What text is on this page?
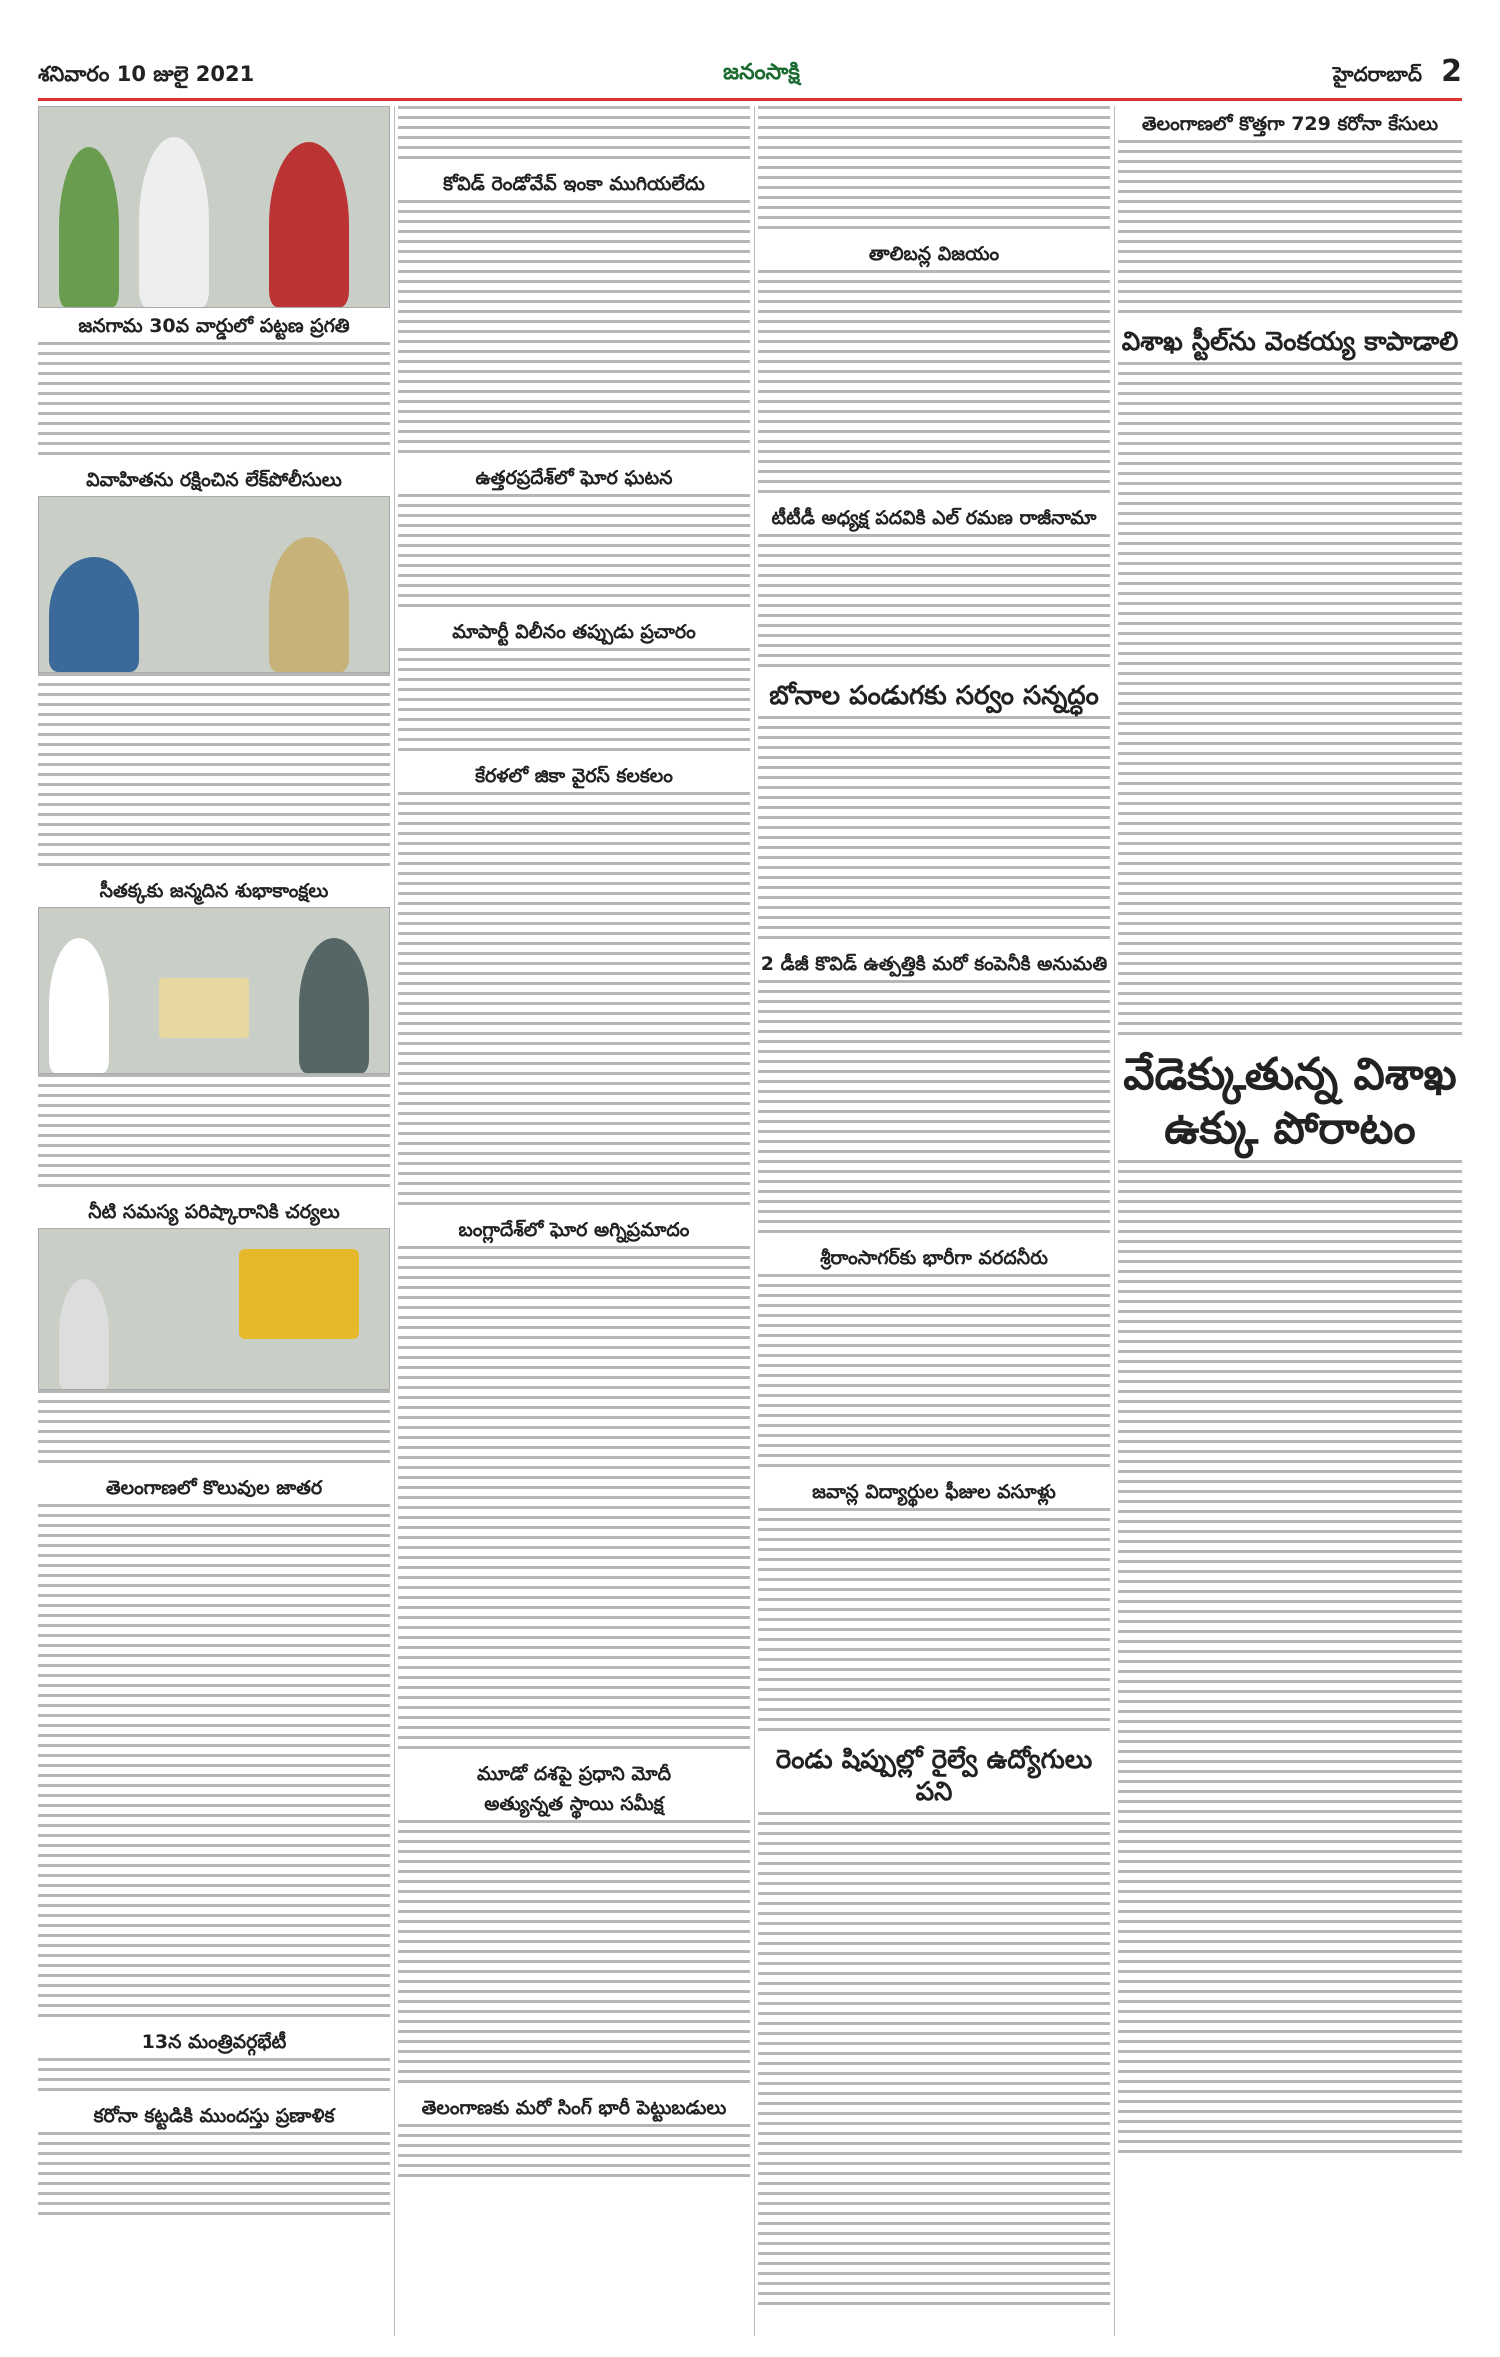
శనివారం 10 జులై 2021	జనంసాక్షి	హైదరాబాద్ 2
జనగామ 30వ వార్డులో పట్టణ ప్రగతి
వివాహితను రక్షించిన లేక్‌పోలీసులు
సీతక్కకు జన్మదిన శుభాకాంక్షలు
నీటి సమస్య పరిష్కారానికి చర్యలు
తెలంగాణలో కొలువుల జాతర
13న మంత్రివర్గభేటీ
కరోనా కట్టడికి ముందస్తు ప్రణాళిక
కోవిడ్ రెండోవేవ్ ఇంకా ముగియలేదు
ఉత్తరప్రదేశ్‌లో ఘోర ఘటన
మాపార్టీ విలీనం తప్పుడు ప్రచారం
కేరళలో జికా వైరస్ కలకలం
బంగ్లాదేశ్‌లో ఘోర అగ్నిప్రమాదం
మూడో దశపై ప్రధాని మోదీ
అత్యున్నత స్థాయి సమీక్ష
తెలంగాణకు మరో సింగ్ భారీ పెట్టుబడులు
తాలిబన్ల విజయం
టీటీడీ అధ్యక్ష పదవికి ఎల్ రమణ రాజీనామా
బోనాల పండుగకు సర్వం సన్నద్ధం
2 డీజీ కొవిడ్ ఉత్పత్తికి మరో కంపెనీకి అనుమతి
శ్రీరాంసాగర్‌కు భారీగా వరదనీరు
జవాన్ల విద్యార్థుల ఫీజుల వసూళ్లు
రెండు షిప్పుల్లో రైల్వే ఉద్యోగులు పని
తెలంగాణలో కొత్తగా 729 కరోనా కేసులు
విశాఖ స్టీల్‌ను వెంకయ్య కాపాడాలి
వేడెక్కుతున్న విశాఖ ఉక్కు పోరాటం
